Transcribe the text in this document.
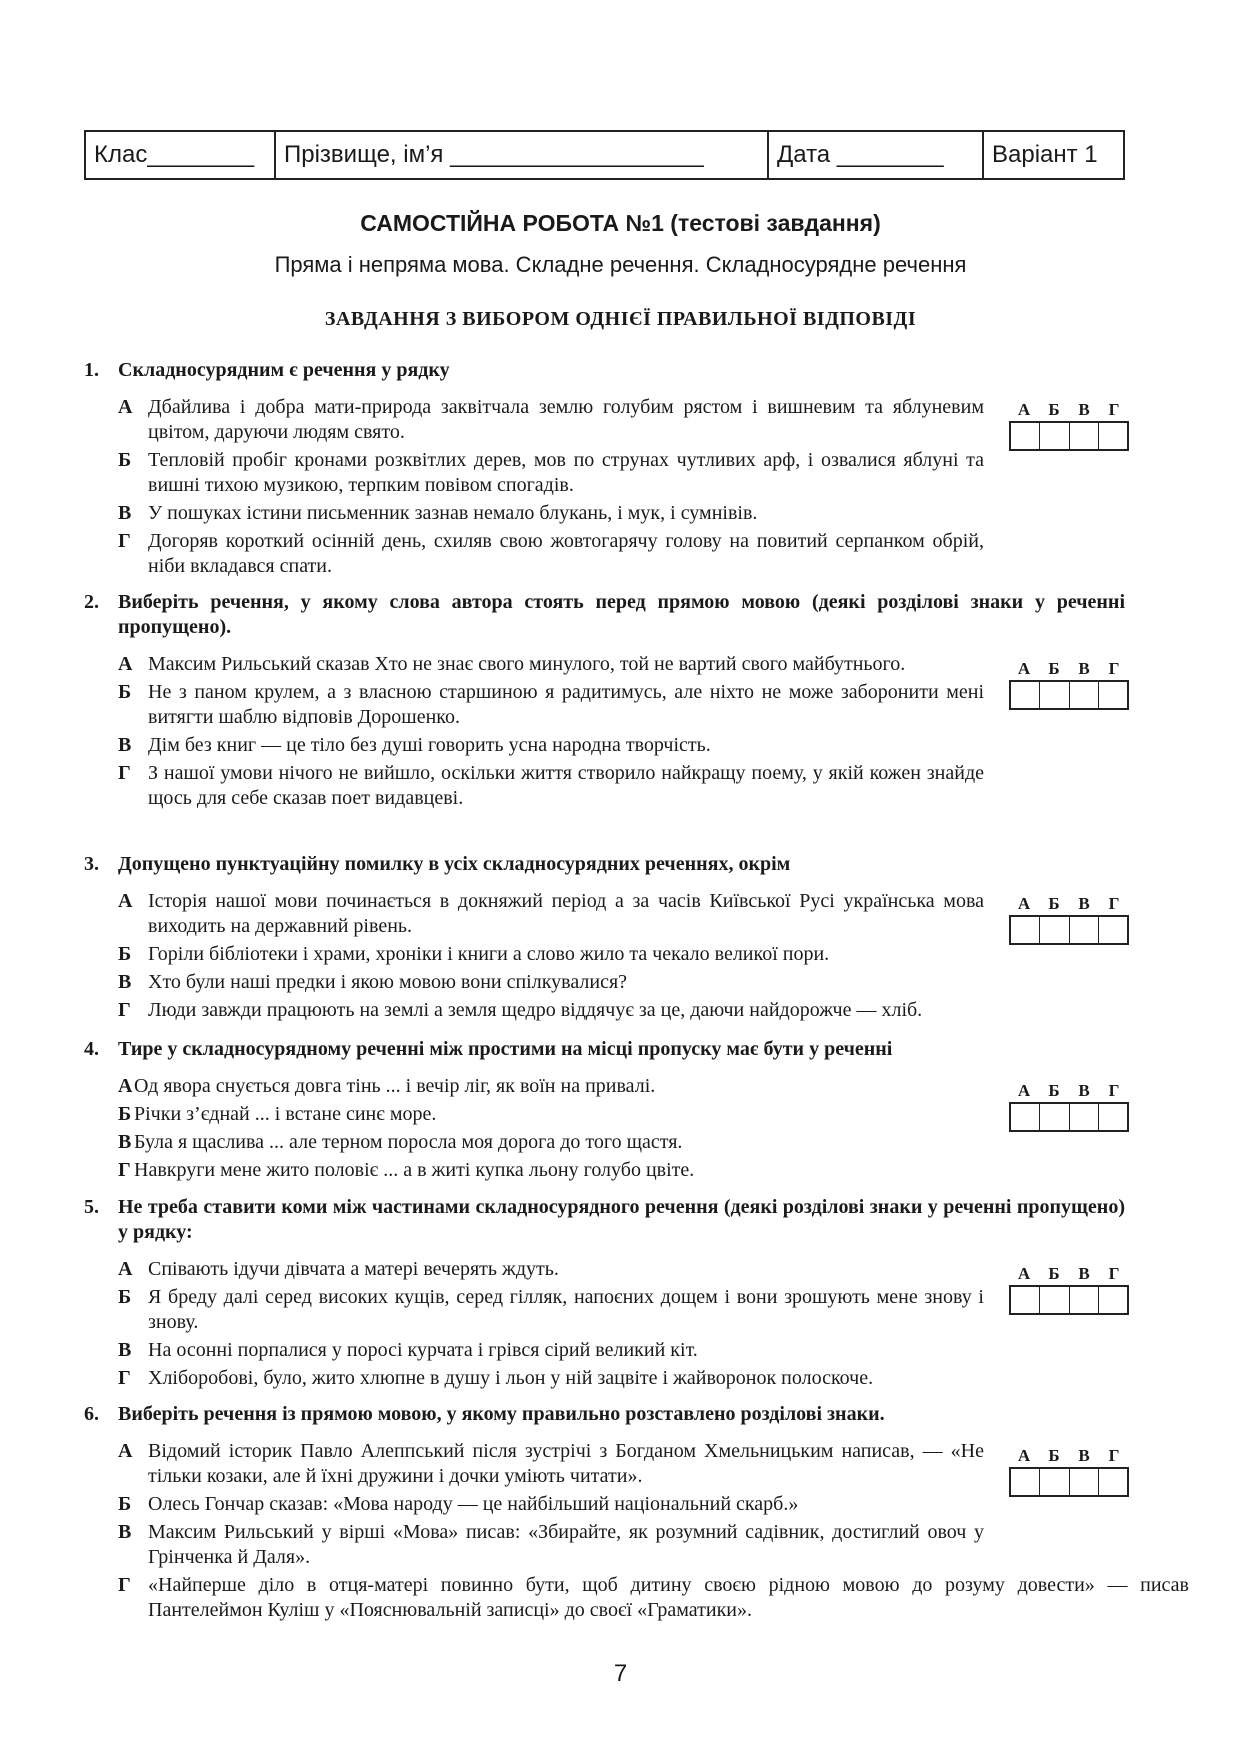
Клас________	Прізвище, ім’я ___________________	Дата ________	Варіант 1
САМОСТІЙНА РОБОТА №1 (тестові завдання)
Пряма і непряма мова. Складне речення. Складносурядне речення
ЗАВДАННЯ З ВИБОРОМ ОДНІЄЇ ПРАВИЛЬНОЇ ВІДПОВІДІ
1. Складносурядним є речення у рядку
А Дбайлива і добра мати-природа заквітчала землю голубим рястом і вишневим та яблуневим цвітом, даруючи людям свято.
Б Тепловій пробіг кронами розквітлих дерев, мов по струнах чутливих арф, і озвалися яблуні та вишні тихою музикою, терпким повівом спогадів.
В У пошуках істини письменник зазнав немало блукань, і мук, і сумнівів.
Г Догоряв короткий осінній день, схиляв свою жовтогарячу голову на повитий серпанком обрій, ніби вкладався спати.
А	Б	В	Г
2. Виберіть речення, у якому слова автора стоять перед прямою мовою (деякі розділові знаки у реченні пропущено).
А Максим Рильський сказав Хто не знає свого минулого, той не вартий свого майбутнього.
Б Не з паном крулем, а з власною старшиною я радитимусь, але ніхто не може заборонити мені витягти шаблю відповів Дорошенко.
В Дім без книг — це тіло без душі говорить усна народна творчість.
Г З нашої умови нічого не вийшло, оскільки життя створило найкращу поему, у якій кожен знайде щось для себе сказав поет видавцеві.
А	Б	В	Г
3. Допущено пунктуаційну помилку в усіх складносурядних реченнях, окрім
А Історія нашої мови починається в докняжий період а за часів Київської Русі українська мова виходить на державний рівень.
Б Горіли бібліотеки і храми, хроніки і книги а слово жило та чекало великої пори.
В Хто були наші предки і якою мовою вони спілкувалися?
Г Люди завжди працюють на землі а земля щедро віддячує за це, даючи найдорожче — хліб.
А	Б	В	Г
4. Тире у складносурядному реченні між простими на місці пропуску має бути у реченні
А Од явора снується довга тінь ... і вечір ліг, як воїн на привалі.
Б Річки з’єднай ... і встане синє море.
В Була я щаслива ... але терном поросла моя дорога до того щастя.
Г Навкруги мене жито половіє ... а в житі купка льону голубо цвіте.
А	Б	В	Г
5. Не треба ставити коми між частинами складносурядного речення (деякі розділові знаки у реченні пропущено) у рядку:
А Співають ідучи дівчата а матері вечерять ждуть.
Б Я бреду далі серед високих кущів, серед гілляк, напоєних дощем і вони зрошують мене знову і знову.
В На осонні порпалися у поросі курчата і грівся сірий великий кіт.
Г Хліборобові, було, жито хлюпне в душу і льон у ній зацвіте і жайворонок полоскоче.
А	Б	В	Г
6. Виберіть речення із прямою мовою, у якому правильно розставлено розділові знаки.
А Відомий історик Павло Алеппський після зустрічі з Богданом Хмельницьким написав, — «Не тільки козаки, але й їхні дружини і дочки уміють читати».
Б Олесь Гончар сказав: «Мова народу — це найбільший національний скарб.»
В Максим Рильський у вірші «Мова» писав: «Збирайте, як розумний садівник, достиглий овоч у Грінченка й Даля».
Г «Найперше діло в отця-матері повинно бути, щоб дитину своєю рідною мовою до розуму довести» — писав Пантелеймон Куліш у «Пояснювальній записці» до своєї «Граматики».
А	Б	В	Г
7
